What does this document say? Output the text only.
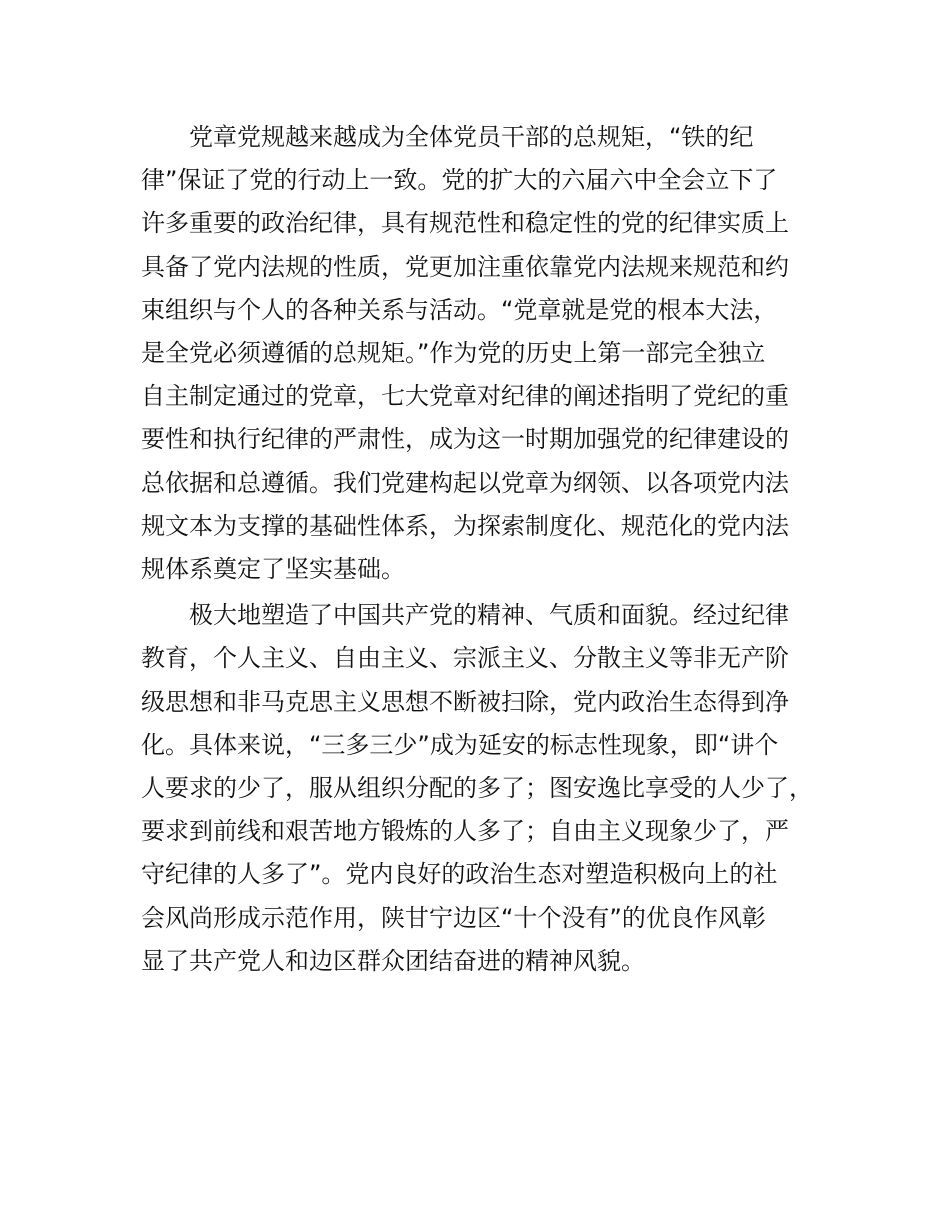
党章党规越来越成为全体党员干部的总规矩，“铁的纪
律”保证了党的行动上一致。党的扩大的六届六中全会立下了
许多重要的政治纪律，具有规范性和稳定性的党的纪律实质上
具备了党内法规的性质，党更加注重依靠党内法规来规范和约
束组织与个人的各种关系与活动。“党章就是党的根本大法，
是全党必须遵循的总规矩。”作为党的历史上第一部完全独立
自主制定通过的党章，七大党章对纪律的阐述指明了党纪的重
要性和执行纪律的严肃性，成为这一时期加强党的纪律建设的
总依据和总遵循。我们党建构起以党章为纲领、以各项党内法
规文本为支撑的基础性体系，为探索制度化、规范化的党内法
规体系奠定了坚实基础。

极大地塑造了中国共产党的精神、气质和面貌。经过纪律
教育，个人主义、自由主义、宗派主义、分散主义等非无产阶
级思想和非马克思主义思想不断被扫除，党内政治生态得到净
化。具体来说，“三多三少”成为延安的标志性现象，即“讲个
人要求的少了，服从组织分配的多了；图安逸比享受的人少了，
要求到前线和艰苦地方锻炼的人多了；自由主义现象少了，严
守纪律的人多了”。党内良好的政治生态对塑造积极向上的社
会风尚形成示范作用，陕甘宁边区“十个没有”的优良作风彰
显了共产党人和边区群众团结奋进的精神风貌。
